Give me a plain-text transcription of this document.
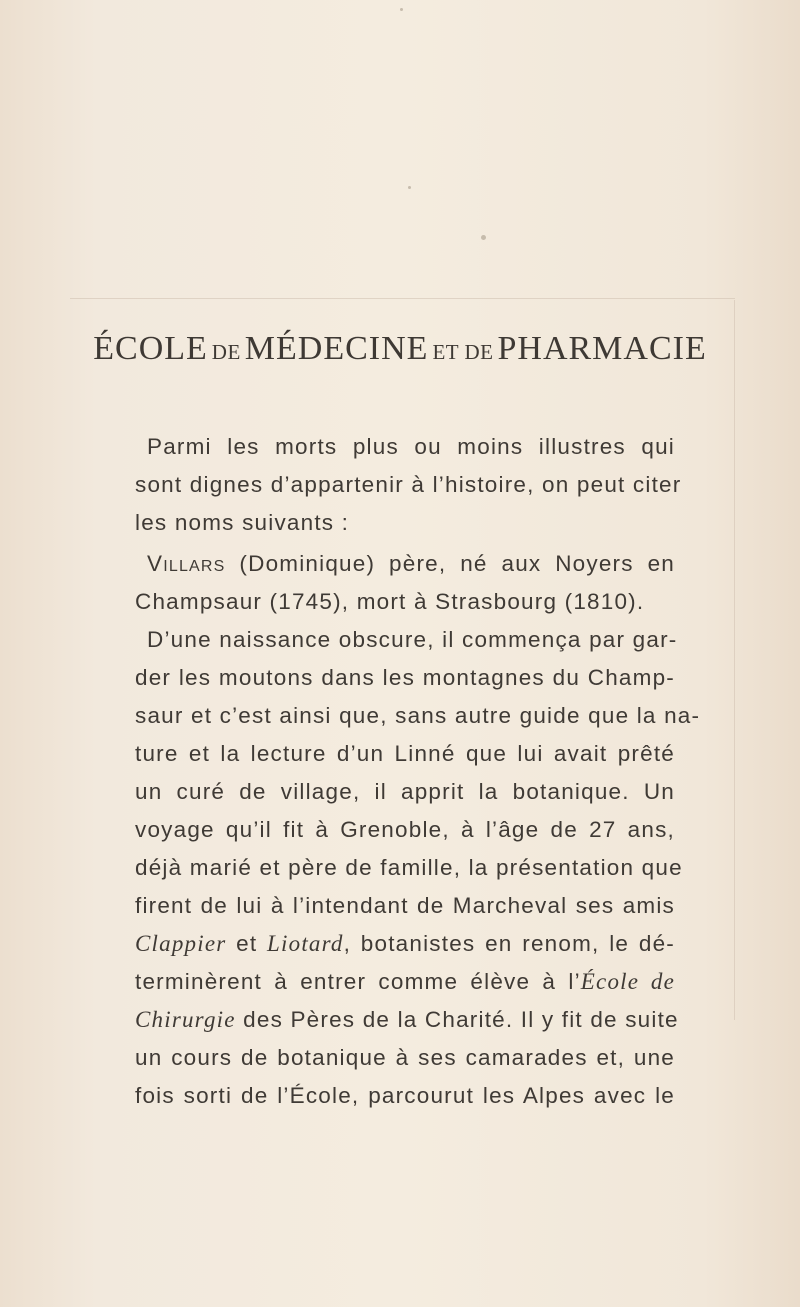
ÉCOLE DE MÉDECINE ET DE PHARMACIE
Parmi les morts plus ou moins illustres qui
sont dignes d’appartenir à l’histoire, on peut citer
les noms suivants :
Villars (Dominique) père, né aux Noyers en
Champsaur (1745), mort à Strasbourg (1810).
D’une naissance obscure, il commença par gar-
der les moutons dans les montagnes du Champ-
saur et c’est ainsi que, sans autre guide que la na-
ture et la lecture d’un Linné que lui avait prêté
un curé de village, il apprit la botanique. Un
voyage qu’il fit à Grenoble, à l’âge de 27 ans,
déjà marié et père de famille, la présentation que
firent de lui à l’intendant de Marcheval ses amis
Clappier et Liotard, botanistes en renom, le dé-
terminèrent à entrer comme élève à l’École de
Chirurgie des Pères de la Charité. Il y fit de suite
un cours de botanique à ses camarades et, une
fois sorti de l’École, parcourut les Alpes avec le
